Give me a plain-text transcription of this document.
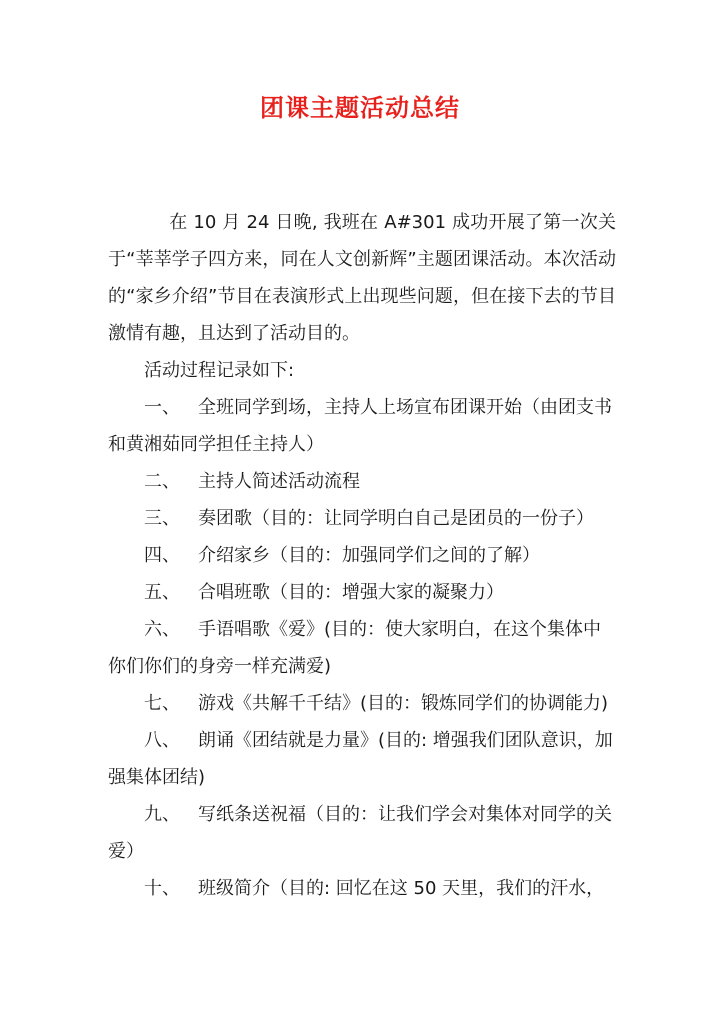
团课主题活动总结

在 10 月 24 日晚, 我班在 A#301 成功开展了第一次关于“莘莘学子四方来，同在人文创新辉”主题团课活动。本次活动的“家乡介绍”节目在表演形式上出现些问题，但在接下去的节目激情有趣，且达到了活动目的。

活动过程记录如下:

一、 全班同学到场，主持人上场宣布团课开始（由团支书和黄湘茹同学担任主持人）
二、 主持人简述活动流程
三、 奏团歌（目的：让同学明白自己是团员的一份子）
四、 介绍家乡（目的：加强同学们之间的了解）
五、 合唱班歌（目的：增强大家的凝聚力）
六、 手语唱歌《爱》(目的：使大家明白，在这个集体中你们你们的身旁一样充满爱)
七、 游戏《共解千千结》(目的：锻炼同学们的协调能力)
八、 朗诵《团结就是力量》(目的: 增强我们团队意识，加强集体团结)
九、 写纸条送祝福（目的：让我们学会对集体对同学的关爱）
十、 班级简介（目的: 回忆在这 50 天里，我们的汗水，
